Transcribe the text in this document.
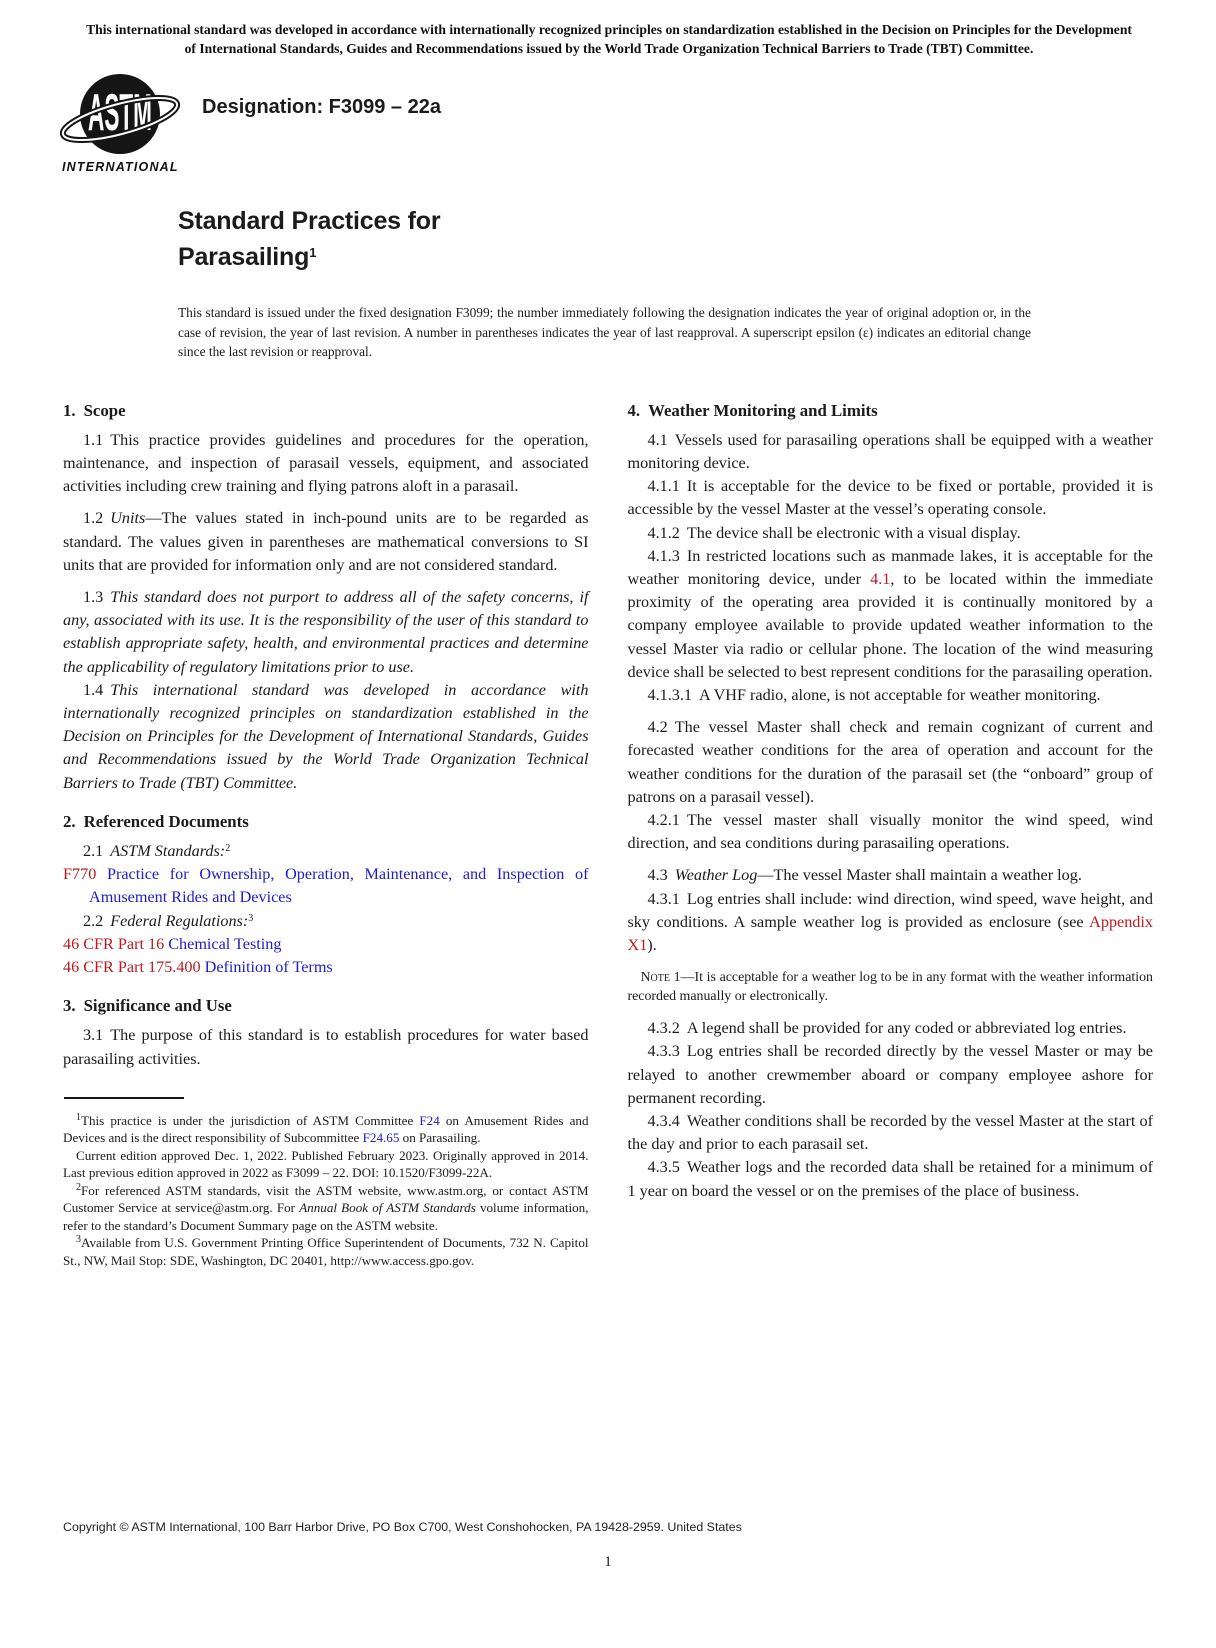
This international standard was developed in accordance with internationally recognized principles on standardization established in the Decision on Principles for the Development of International Standards, Guides and Recommendations issued by the World Trade Organization Technical Barriers to Trade (TBT) Committee.
ASTM
INTERNATIONAL
Designation: F3099 – 22a
Standard Practices for
Parasailing$^1$

This standard is issued under the fixed designation F3099; the number immediately following the designation indicates the year of original adoption or, in the case of revision, the year of last revision. A number in parentheses indicates the year of last reapproval. A superscript epsilon (ε) indicates an editorial change since the last revision or reapproval.

1. Scope

1.1 This practice provides guidelines and procedures for the operation, maintenance, and inspection of parasail vessels, equipment, and associated activities including crew training and flying patrons aloft in a parasail.

1.2 Units—The values stated in inch-pound units are to be regarded as standard. The values given in parentheses are mathematical conversions to SI units that are provided for information only and are not considered standard.

1.3 This standard does not purport to address all of the safety concerns, if any, associated with its use. It is the responsibility of the user of this standard to establish appropriate safety, health, and environmental practices and determine the applicability of regulatory limitations prior to use.

1.4 This international standard was developed in accordance with internationally recognized principles on standardization established in the Decision on Principles for the Development of International Standards, Guides and Recommendations issued by the World Trade Organization Technical Barriers to Trade (TBT) Committee.

2. Referenced Documents

2.1 ASTM Standards:$^2$

F770 Practice for Ownership, Operation, Maintenance, and Inspection of Amusement Rides and Devices

2.2 Federal Regulations:$^3$

46 CFR Part 16 Chemical Testing

46 CFR Part 175.400 Definition of Terms

3. Significance and Use

3.1 The purpose of this standard is to establish procedures for water based parasailing activities.

$^1$This practice is under the jurisdiction of ASTM Committee F24 on Amusement Rides and Devices and is the direct responsibility of Subcommittee F24.65 on Parasailing.

Current edition approved Dec. 1, 2022. Published February 2023. Originally approved in 2014. Last previous edition approved in 2022 as F3099 – 22. DOI: 10.1520/F3099-22A.

$^2$For referenced ASTM standards, visit the ASTM website, www.astm.org, or contact ASTM Customer Service at service@astm.org. For Annual Book of ASTM Standards volume information, refer to the standard’s Document Summary page on the ASTM website.

$^3$Available from U.S. Government Printing Office Superintendent of Documents, 732 N. Capitol St., NW, Mail Stop: SDE, Washington, DC 20401, http://www.access.gpo.gov.

4. Weather Monitoring and Limits

4.1 Vessels used for parasailing operations shall be equipped with a weather monitoring device.

4.1.1 It is acceptable for the device to be fixed or portable, provided it is accessible by the vessel Master at the vessel’s operating console.

4.1.2 The device shall be electronic with a visual display.

4.1.3 In restricted locations such as manmade lakes, it is acceptable for the weather monitoring device, under 4.1, to be located within the immediate proximity of the operating area provided it is continually monitored by a company employee available to provide updated weather information to the vessel Master via radio or cellular phone. The location of the wind measuring device shall be selected to best represent conditions for the parasailing operation.

4.1.3.1 A VHF radio, alone, is not acceptable for weather monitoring.

4.2 The vessel Master shall check and remain cognizant of current and forecasted weather conditions for the area of operation and account for the weather conditions for the duration of the parasail set (the “onboard” group of patrons on a parasail vessel).

4.2.1 The vessel master shall visually monitor the wind speed, wind direction, and sea conditions during parasailing operations.

4.3 Weather Log—The vessel Master shall maintain a weather log.

4.3.1 Log entries shall include: wind direction, wind speed, wave height, and sky conditions. A sample weather log is provided as enclosure (see Appendix X1).

Note 1—It is acceptable for a weather log to be in any format with the weather information recorded manually or electronically.

4.3.2 A legend shall be provided for any coded or abbreviated log entries.

4.3.3 Log entries shall be recorded directly by the vessel Master or may be relayed to another crewmember aboard or company employee ashore for permanent recording.

4.3.4 Weather conditions shall be recorded by the vessel Master at the start of the day and prior to each parasail set.

4.3.5 Weather logs and the recorded data shall be retained for a minimum of 1 year on board the vessel or on the premises of the place of business.

Copyright © ASTM International, 100 Barr Harbor Drive, PO Box C700, West Conshohocken, PA 19428-2959. United States
1
